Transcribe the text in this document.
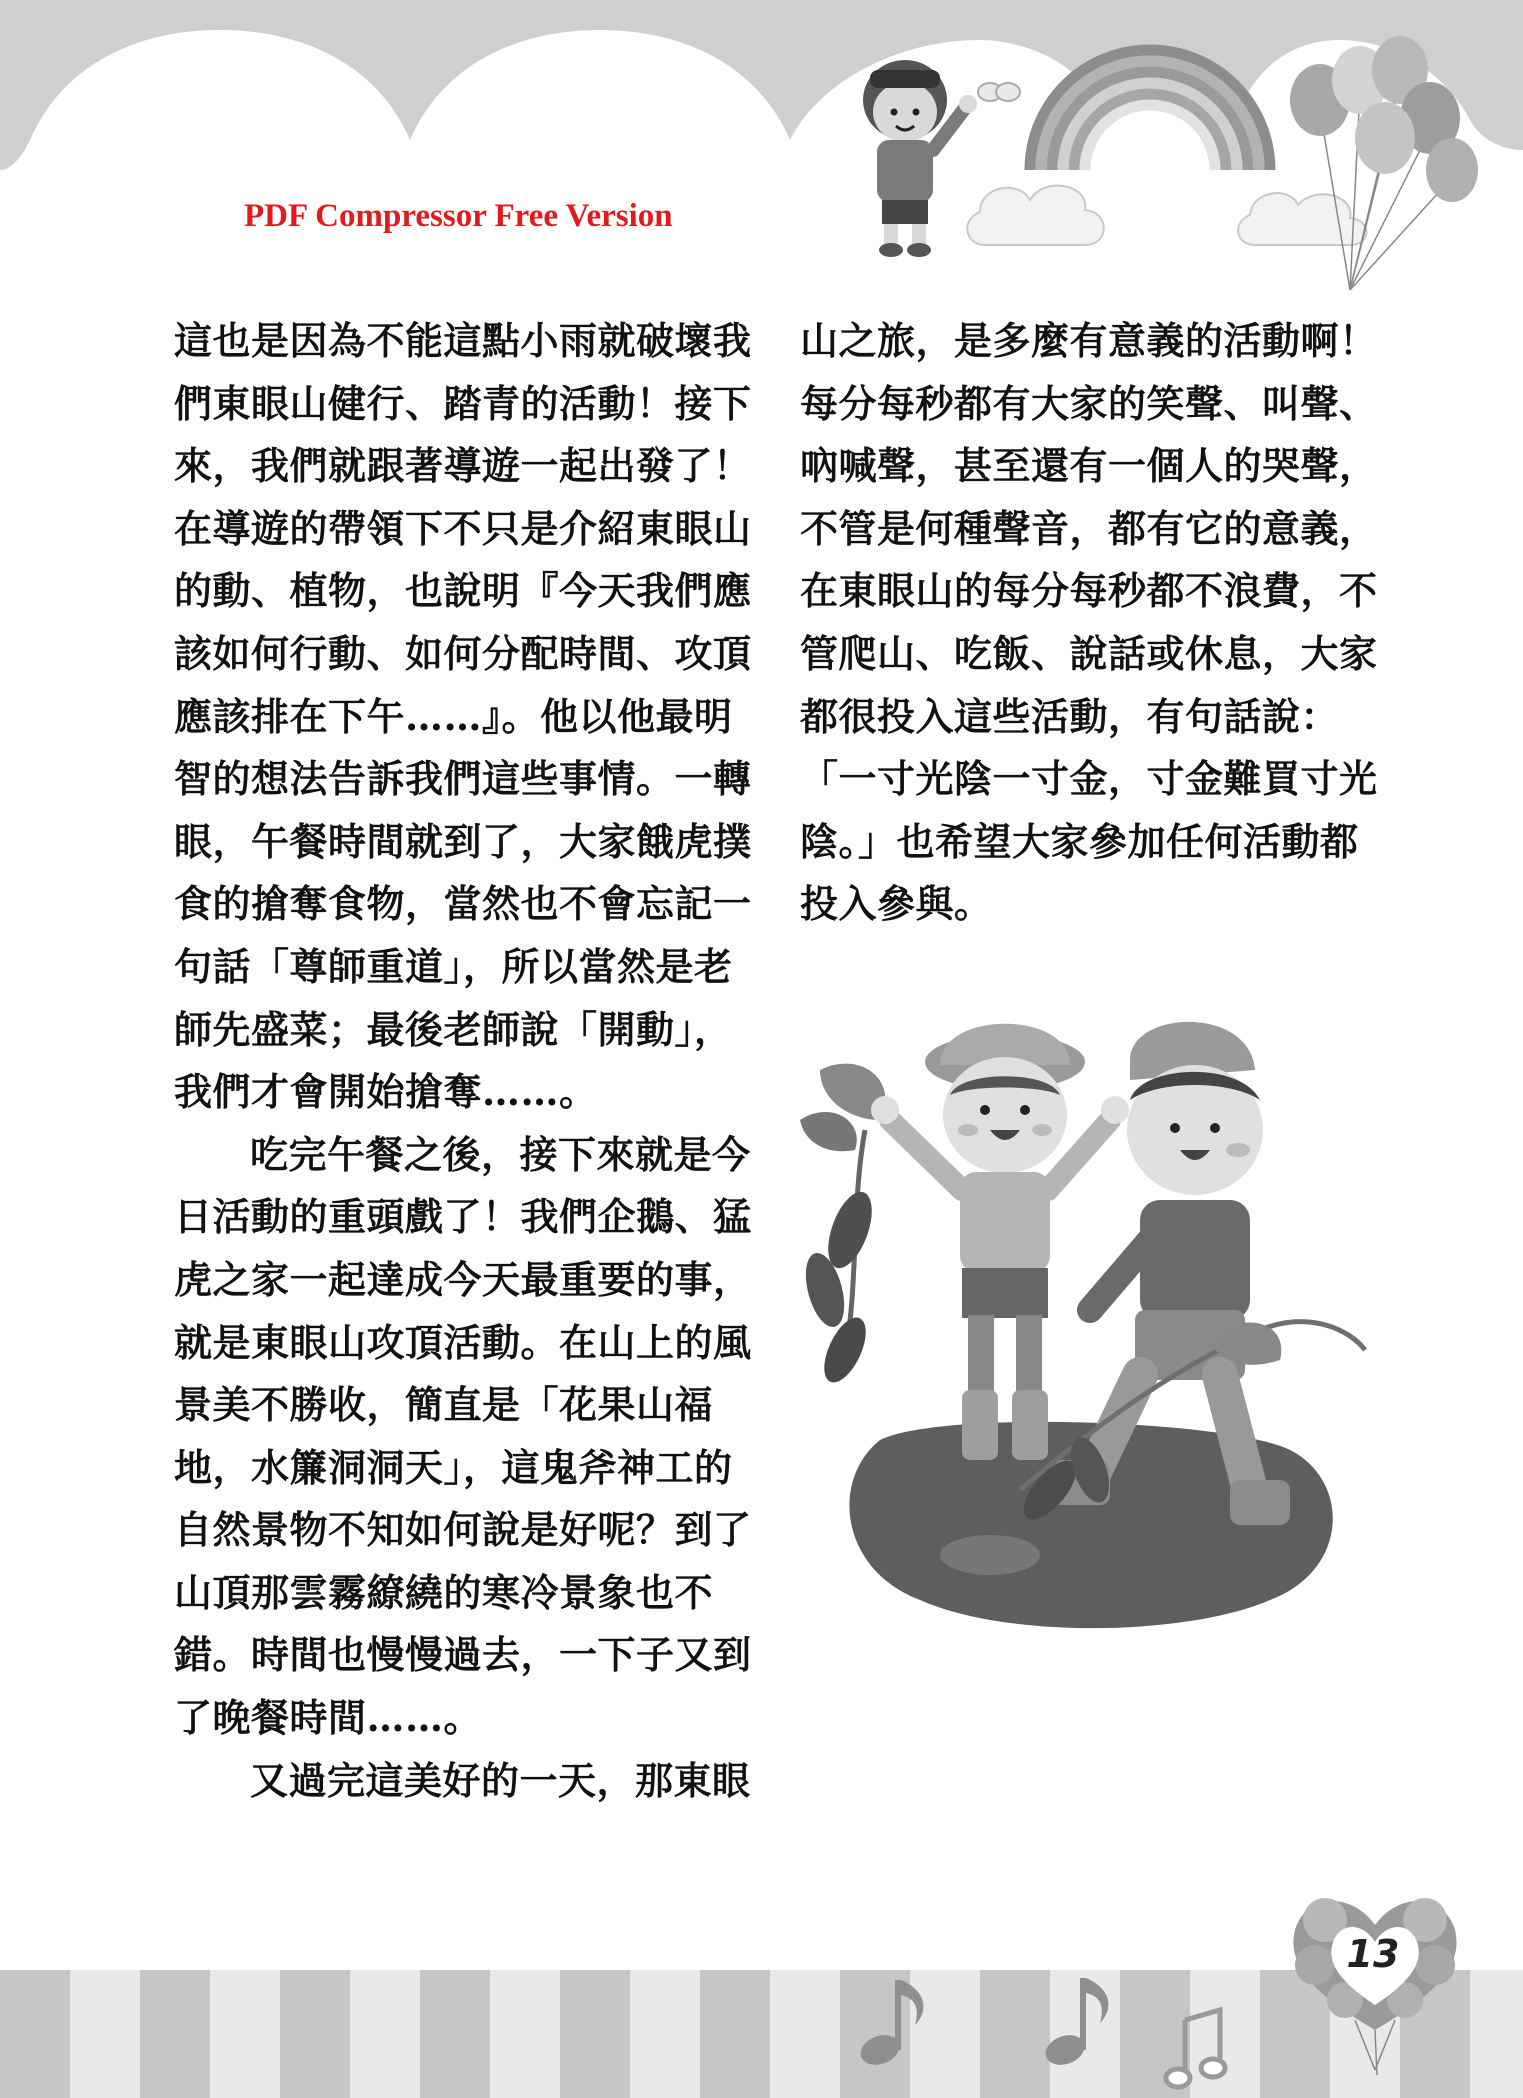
PDF Compressor Free Version
這也是因為不能這點小雨就破壞我
們東眼山健行、踏青的活動！接下
來，我們就跟著導遊一起出發了！
在導遊的帶領下不只是介紹東眼山
的動、植物，也說明『今天我們應
該如何行動、如何分配時間、攻頂
應該排在下午……』。他以他最明
智的想法告訴我們這些事情。一轉
眼，午餐時間就到了，大家餓虎撲
食的搶奪食物，當然也不會忘記一
句話「尊師重道」，所以當然是老
師先盛菜；最後老師說「開動」，
我們才會開始搶奪……。
吃完午餐之後，接下來就是今
日活動的重頭戲了！我們企鵝、猛
虎之家一起達成今天最重要的事，
就是東眼山攻頂活動。在山上的風
景美不勝收，簡直是「花果山福
地，水簾洞洞天」，這鬼斧神工的
自然景物不知如何說是好呢？到了
山頂那雲霧繚繞的寒冷景象也不
錯。時間也慢慢過去，一下子又到
了晚餐時間……。
又過完這美好的一天，那東眼
山之旅，是多麼有意義的活動啊！
每分每秒都有大家的笑聲、叫聲、
吶喊聲，甚至還有一個人的哭聲，
不管是何種聲音，都有它的意義，
在東眼山的每分每秒都不浪費，不
管爬山、吃飯、說話或休息，大家
都很投入這些活動，有句話說：
「一寸光陰一寸金，寸金難買寸光
陰。」也希望大家參加任何活動都
投入參與。
13
